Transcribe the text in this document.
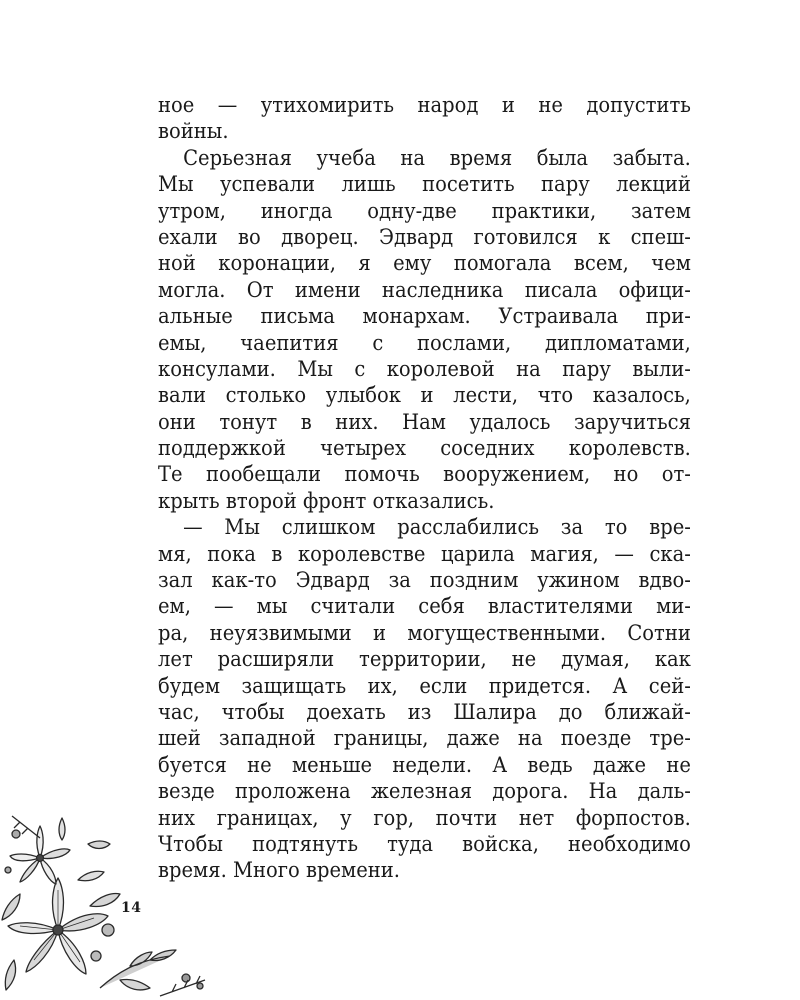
ное — утихомирить народ и не допустить
войны.
Серьезная учеба на время была забыта.
Мы успевали лишь посетить пару лекций
утром, иногда одну-две практики, затем
ехали во дворец. Эдвард готовился к спеш-
ной коронации, я ему помогала всем, чем
могла. От имени наследника писала офици-
альные письма монархам. Устраивала при-
емы, чаепития с послами, дипломатами,
консулами. Мы с королевой на пару выли-
вали столько улыбок и лести, что казалось,
они тонут в них. Нам удалось заручиться
поддержкой четырех соседних королевств.
Те пообещали помочь вооружением, но от-
крыть второй фронт отказались.
— Мы слишком расслабились за то вре-
мя, пока в королевстве царила магия, — ска-
зал как-то Эдвард за поздним ужином вдво-
ем, — мы считали себя властителями ми-
ра, неуязвимыми и могущественными. Сотни
лет расширяли территории, не думая, как
будем защищать их, если придется. А сей-
час, чтобы доехать из Шалира до ближай-
шей западной границы, даже на поезде тре-
буется не меньше недели. А ведь даже не
везде проложена железная дорога. На даль-
них границах, у гор, почти нет форпостов.
Чтобы подтянуть туда войска, необходимо
время. Много времени.
14
